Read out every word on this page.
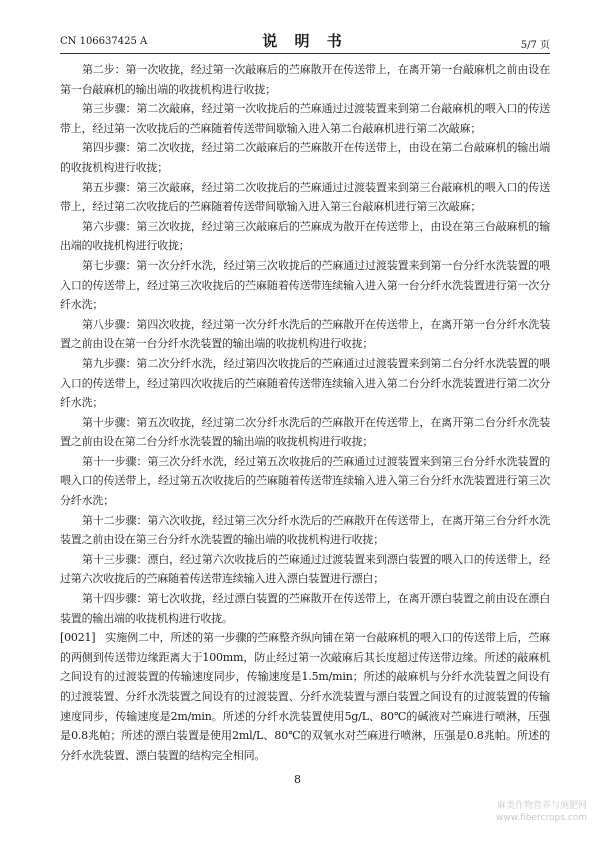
CN 106637425 A	说 明 书	5/7 页

第二步：第一次收拢，经过第一次敲麻后的苎麻散开在传送带上，在离开第一台敲麻机之前由设在第一台敲麻机的输出端的收拢机构进行收拢；

第三步骤：第二次敲麻，经过第一次收拢后的苎麻通过过渡装置来到第二台敲麻机的喂入口的传送带上，经过第一次收拢后的苎麻随着传送带间歇输入进入第二台敲麻机进行第二次敲麻；

第四步骤：第二次收拢，经过第二次敲麻后的苎麻散开在传送带上，由设在第二台敲麻机的输出端的收拢机构进行收拢；

第五步骤：第三次敲麻，经过第二次收拢后的苎麻通过过渡装置来到第三台敲麻机的喂入口的传送带上，经过第二次收拢后的苎麻随着传送带间歇输入进入第三台敲麻机进行第三次敲麻；

第六步骤：第三次收拢，经过第三次敲麻后的苎麻成为散开在传送带上，由设在第三台敲麻机的输出端的收拢机构进行收拢；

第七步骤：第一次分纤水洗，经过第三次收拢后的苎麻通过过渡装置来到第一台分纤水洗装置的喂入口的传送带上，经过第三次收拢后的苎麻随着传送带连续输入进入第一台分纤水洗装置进行第一次分纤水洗；

第八步骤：第四次收拢，经过第一次分纤水洗后的苎麻散开在传送带上，在离开第一台分纤水洗装置之前由设在第一台分纤水洗装置的输出端的收拢机构进行收拢；

第九步骤：第二次分纤水洗，经过第四次收拢后的苎麻通过过渡装置来到第二台分纤水洗装置的喂入口的传送带上，经过第四次收拢后的苎麻随着传送带连续输入进入第二台分纤水洗装置进行第二次分纤水洗；

第十步骤：第五次收拢，经过第二次分纤水洗后的苎麻散开在传送带上，在离开第二台分纤水洗装置之前由设在第二台分纤水洗装置的输出端的收拢机构进行收拢；

第十一步骤：第三次分纤水洗，经过第五次收拢后的苎麻通过过渡装置来到第三台分纤水洗装置的喂入口的传送带上，经过第五次收拢后的苎麻随着传送带连续输入进入第三台分纤水洗装置进行第三次分纤水洗；

第十二步骤：第六次收拢，经过第三次分纤水洗后的苎麻散开在传送带上，在离开第三台分纤水洗装置之前由设在第三台分纤水洗装置的输出端的收拢机构进行收拢；

第十三步骤：漂白，经过第六次收拢后的苎麻通过过渡装置来到漂白装置的喂入口的传送带上，经过第六次收拢后的苎麻随着传送带连续输入进入漂白装置进行漂白；

第十四步骤：第七次收拢，经过漂白装置的苎麻散开在传送带上，在离开漂白装置之前由设在漂白装置的输出端的收拢机构进行收拢。

[0021] 实施例二中，所述的第一步骤的苎麻整齐纵向铺在第一台敲麻机的喂入口的传送带上后，苎麻的两侧到传送带边缘距离大于100mm，防止经过第一次敲麻后其长度超过传送带边缘。所述的敲麻机之间设有的过渡装置的传输速度同步，传输速度是1.5m/min；所述的敲麻机与分纤水洗装置之间设有的过渡装置、分纤水洗装置之间设有的过渡装置、分纤水洗装置与漂白装置之间设有的过渡装置的传输速度同步，传输速度是2m/min。所述的分纤水洗装置使用5g/L、80℃的碱液对苎麻进行喷淋，压强是0.8兆帕；所述的漂白装置是使用2ml/L、80℃的双氧水对苎麻进行喷淋，压强是0.8兆帕。所述的分纤水洗装置、漂白装置的结构完全相同。

8
麻类作物营养与施肥网
www.fibercrops.com
